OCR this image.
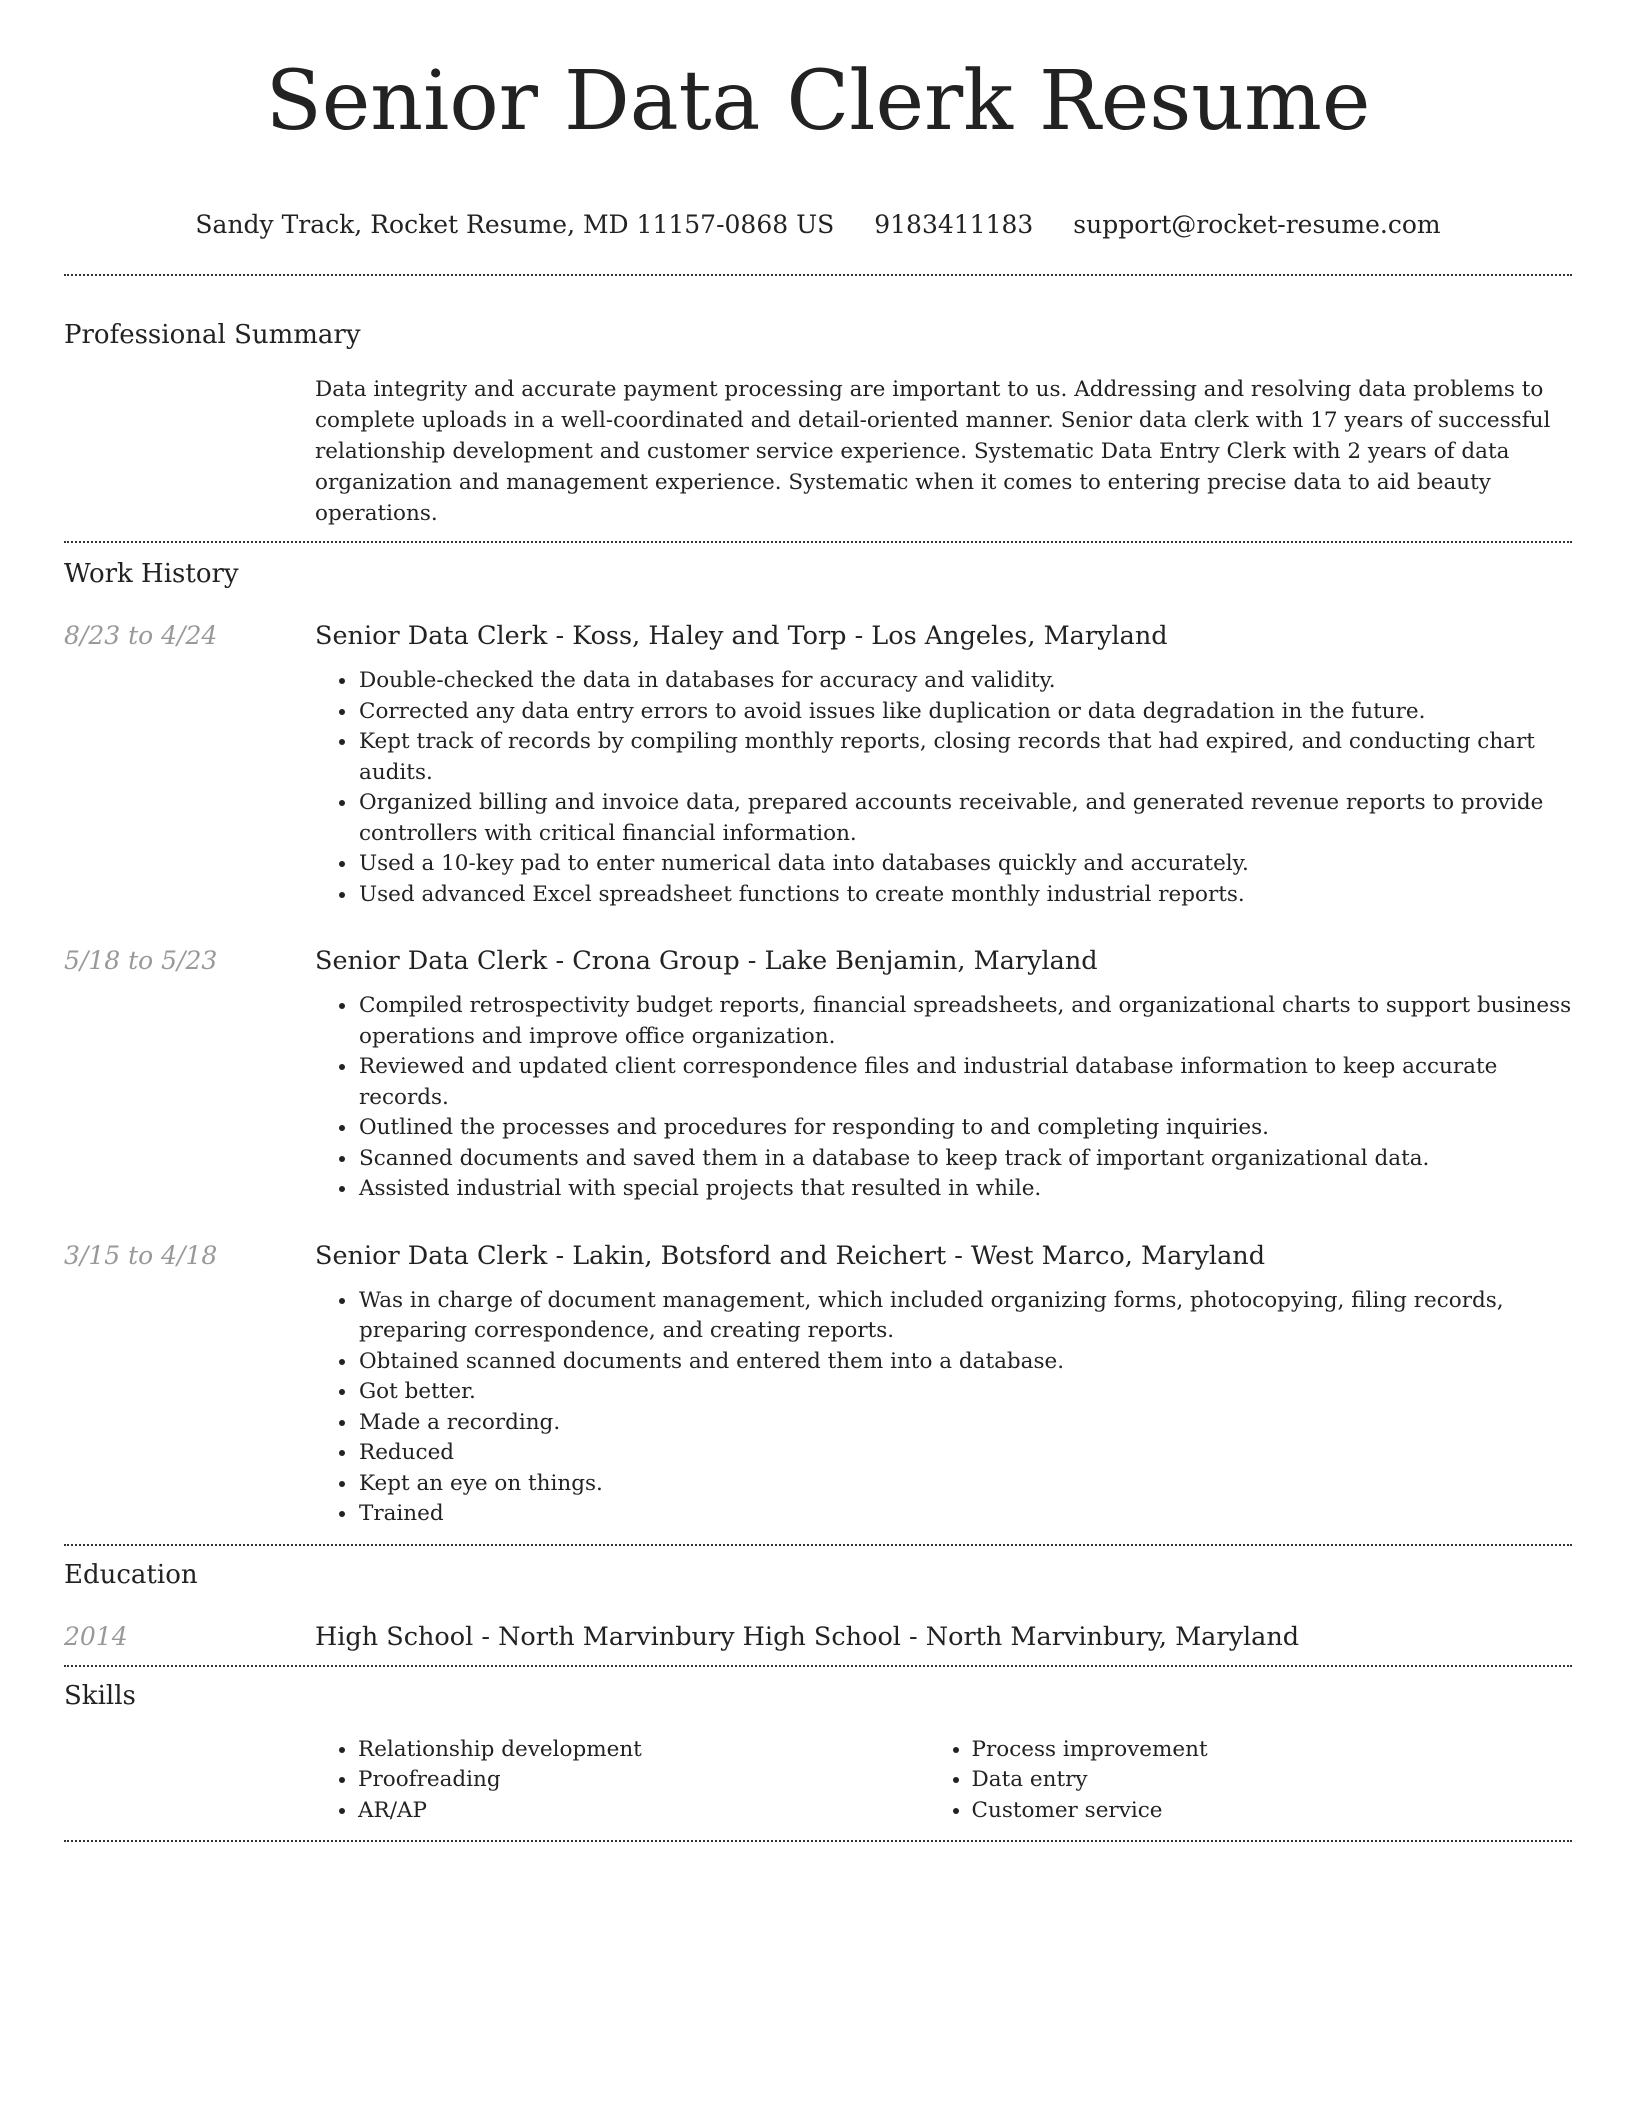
Senior Data Clerk Resume
Sandy Track, Rocket Resume, MD 11157-0868 US 9183411183 support@rocket-resume.com
Professional Summary
Data integrity and accurate payment processing are important to us. Addressing and resolving data problems to complete uploads in a well-coordinated and detail-oriented manner. Senior data clerk with 17 years of successful relationship development and customer service experience. Systematic Data Entry Clerk with 2 years of data organization and management experience. Systematic when it comes to entering precise data to aid beauty operations.
Work History
8/23 to 4/24	Senior Data Clerk - Koss, Haley and Torp - Los Angeles, Maryland
• Double-checked the data in databases for accuracy and validity.
• Corrected any data entry errors to avoid issues like duplication or data degradation in the future.
• Kept track of records by compiling monthly reports, closing records that had expired, and conducting chart audits.
• Organized billing and invoice data, prepared accounts receivable, and generated revenue reports to provide controllers with critical financial information.
• Used a 10-key pad to enter numerical data into databases quickly and accurately.
• Used advanced Excel spreadsheet functions to create monthly industrial reports.
5/18 to 5/23	Senior Data Clerk - Crona Group - Lake Benjamin, Maryland
• Compiled retrospectivity budget reports, financial spreadsheets, and organizational charts to support business operations and improve office organization.
• Reviewed and updated client correspondence files and industrial database information to keep accurate records.
• Outlined the processes and procedures for responding to and completing inquiries.
• Scanned documents and saved them in a database to keep track of important organizational data.
• Assisted industrial with special projects that resulted in while.
3/15 to 4/18	Senior Data Clerk - Lakin, Botsford and Reichert - West Marco, Maryland
• Was in charge of document management, which included organizing forms, photocopying, filing records, preparing correspondence, and creating reports.
• Obtained scanned documents and entered them into a database.
• Got better.
• Made a recording.
• Reduced
• Kept an eye on things.
• Trained
Education
2014	High School - North Marvinbury High School - North Marvinbury, Maryland
Skills
• Relationship development
• Proofreading
• AR/AP
• Process improvement
• Data entry
• Customer service
